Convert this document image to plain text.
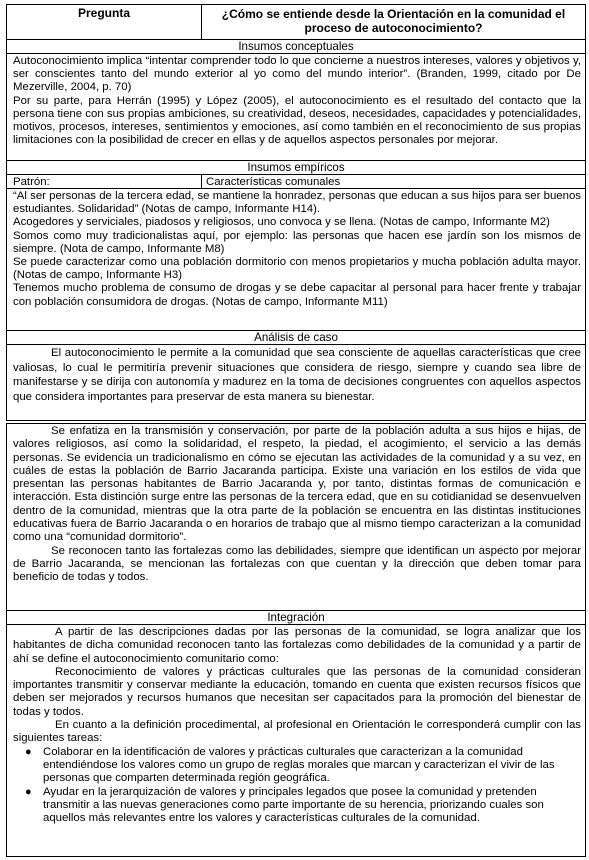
Pregunta	¿Cómo se entiende desde la Orientación en la comunidad el
proceso de autoconocimiento?
Insumos conceptuales

Autoconocimiento implica “intentar comprender todo lo que concierne a nuestros intereses, valores y objetivos y, ser conscientes tanto del mundo exterior al yo como del mundo interior”. (Branden, 1999, citado por De Mezerville, 2004, p. 70)

Por su parte, para Herrán (1995) y López (2005), el autoconocimiento es el resultado del contacto que la persona tiene con sus propias ambiciones, su creatividad, deseos, necesidades, capacidades y potencialidades, motivos, procesos, intereses, sentimientos y emociones, así como también en el reconocimiento de sus propias limitaciones con la posibilidad de crecer en ellas y de aquellos aspectos personales por mejorar.

Insumos empíricos
Patrón:	Características comunales

“Al ser personas de la tercera edad, se mantiene la honradez, personas que educan a sus hijos para ser buenos estudiantes. Solidaridad” (Notas de campo, Informante H14).

Acogedores y serviciales, piadosos y religiosos, uno convoca y se llena. (Notas de campo, Informante M2)

Somos como muy tradicionalistas aquí, por ejemplo: las personas que hacen ese jardín son los mismos de siempre. (Nota de campo, Informante M8)

Se puede caracterizar como una población dormitorio con menos propietarios y mucha población adulta mayor. (Notas de campo, Informante H3)

Tenemos mucho problema de consumo de drogas y se debe capacitar al personal para hacer frente y trabajar con población consumidora de drogas. (Notas de campo, Informante M11)

Análisis de caso

El autoconocimiento le permite a la comunidad que sea consciente de aquellas características que cree valiosas, lo cual le permitiría prevenir situaciones que considera de riesgo, siempre y cuando sea libre de manifestarse y se dirija con autonomía y madurez en la toma de decisiones congruentes con aquellos aspectos que considera importantes para preservar de esta manera su bienestar.

Se enfatiza en la transmisión y conservación, por parte de la población adulta a sus hijos e hijas, de valores religiosos, así como la solidaridad, el respeto, la piedad, el acogimiento, el servicio a las demás personas. Se evidencia un tradicionalismo en cómo se ejecutan las actividades de la comunidad y a su vez, en cuáles de estas la población de Barrio Jacaranda participa. Existe una variación en los estilos de vida que presentan las personas habitantes de Barrio Jacaranda y, por tanto, distintas formas de comunicación e interacción. Esta distinción surge entre las personas de la tercera edad, que en su cotidianidad se desenvuelven dentro de la comunidad, mientras que la otra parte de la población se encuentra en las distintas instituciones educativas fuera de Barrio Jacaranda o en horarios de trabajo que al mismo tiempo caracterizan a la comunidad como una “comunidad dormitorio”.

Se reconocen tanto las fortalezas como las debilidades, siempre que identifican un aspecto por mejorar de Barrio Jacaranda, se mencionan las fortalezas con que cuentan y la dirección que deben tomar para beneficio de todas y todos.

Integración

A partir de las descripciones dadas por las personas de la comunidad, se logra analizar que los habitantes de dicha comunidad reconocen tanto las fortalezas como debilidades de la comunidad y a partir de ahí se define el autoconocimiento comunitario como:

Reconocimiento de valores y prácticas culturales que las personas de la comunidad consideran importantes transmitir y conservar mediante la educación, tomando en cuenta que existen recursos físicos que deben ser mejorados y recursos humanos que necesitan ser capacitados para la promoción del bienestar de todas y todos.

En cuanto a la definición procedimental, al profesional en Orientación le corresponderá cumplir con las siguientes tareas:

● Colaborar en la identificación de valores y prácticas culturales que caracterizan a la comunidad entendiéndose los valores como un grupo de reglas morales que marcan y caracterizan el vivir de las personas que comparten determinada región geográfica.
● Ayudar en la jerarquización de valores y principales legados que posee la comunidad y pretenden transmitir a las nuevas generaciones como parte importante de su herencia, priorizando cuales son aquellos más relevantes entre los valores y características culturales de la comunidad.
